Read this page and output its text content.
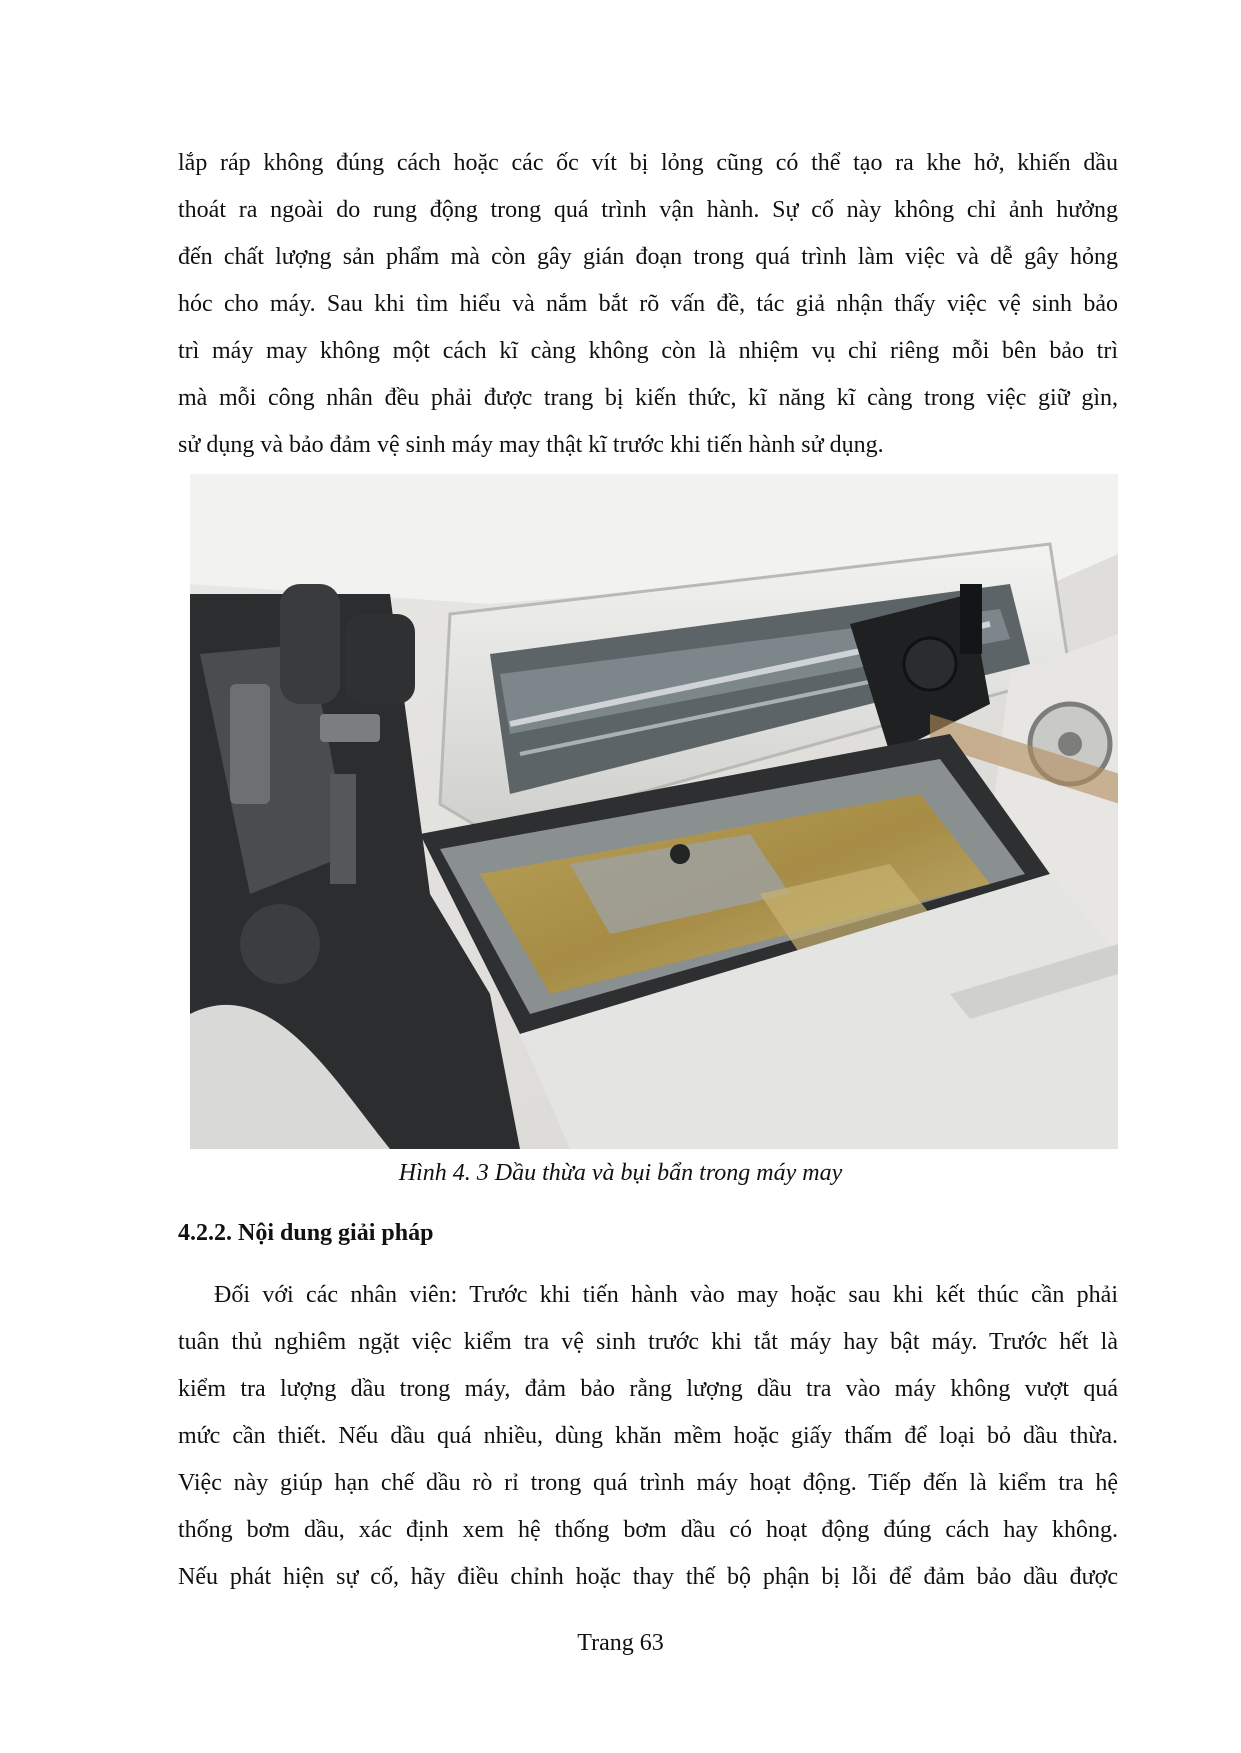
lắp ráp không đúng cách hoặc các ốc vít bị lỏng cũng có thể tạo ra khe hở, khiến dầu
thoát ra ngoài do rung động trong quá trình vận hành. Sự cố này không chỉ ảnh hưởng
đến chất lượng sản phẩm mà còn gây gián đoạn trong quá trình làm việc và dễ gây hỏng
hóc cho máy. Sau khi tìm hiểu và nắm bắt rõ vấn đề, tác giả nhận thấy việc vệ sinh bảo
trì máy may không một cách kĩ càng không còn là nhiệm vụ chỉ riêng mỗi bên bảo trì
mà mỗi công nhân đều phải được trang bị kiến thức, kĩ năng kĩ càng trong việc giữ gìn,
sử dụng và bảo đảm vệ sinh máy may thật kĩ trước khi tiến hành sử dụng.
Hình 4. 3 Dầu thừa và bụi bẩn trong máy may
4.2.2. Nội dung giải pháp
Đối với các nhân viên: Trước khi tiến hành vào may hoặc sau khi kết thúc cần phải
tuân thủ nghiêm ngặt việc kiểm tra vệ sinh trước khi tắt máy hay bật máy. Trước hết là
kiểm tra lượng dầu trong máy, đảm bảo rằng lượng dầu tra vào máy không vượt quá
mức cần thiết. Nếu dầu quá nhiều, dùng khăn mềm hoặc giấy thấm để loại bỏ dầu thừa.
Việc này giúp hạn chế dầu rò rỉ trong quá trình máy hoạt động. Tiếp đến là kiểm tra hệ
thống bơm dầu, xác định xem hệ thống bơm dầu có hoạt động đúng cách hay không.
Nếu phát hiện sự cố, hãy điều chỉnh hoặc thay thế bộ phận bị lỗi để đảm bảo dầu được
Trang 63
